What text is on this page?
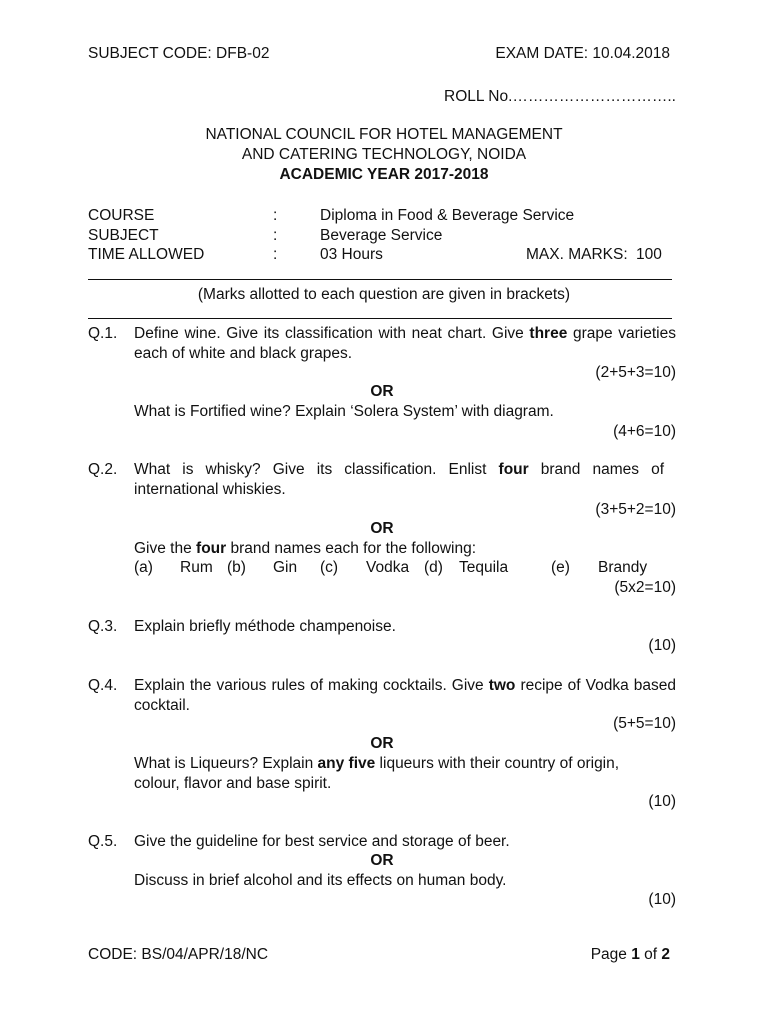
SUBJECT CODE: DFB-02	EXAM DATE: 10.04.2018
ROLL No.…………………………..
NATIONAL COUNCIL FOR HOTEL MANAGEMENT
AND CATERING TECHNOLOGY, NOIDA
ACADEMIC YEAR 2017-2018
COURSE	:	Diploma in Food & Beverage Service
SUBJECT	:	Beverage Service
TIME ALLOWED	:	03 Hours	MAX. MARKS: 100
(Marks allotted to each question are given in brackets)
Q.1. Define wine. Give its classification with neat chart. Give three grape varieties each of white and black grapes.
(2+5+3=10)
OR
What is Fortified wine? Explain ‘Solera System’ with diagram.
(4+6=10)
Q.2. What is whisky? Give its classification. Enlist four brand names of international whiskies.
(3+5+2=10)
OR
Give the four brand names each for the following:
(a) Rum (b) Gin (c) Vodka (d) Tequila	(e) Brandy
(5x2=10)
Q.3. Explain briefly méthode champenoise.
(10)
Q.4. Explain the various rules of making cocktails. Give two recipe of Vodka based cocktail.
(5+5=10)
OR
What is Liqueurs? Explain any five liqueurs with their country of origin, colour, flavor and base spirit.
(10)
Q.5. Give the guideline for best service and storage of beer.
OR
Discuss in brief alcohol and its effects on human body.
(10)
CODE: BS/04/APR/18/NC	Page 1 of 2
